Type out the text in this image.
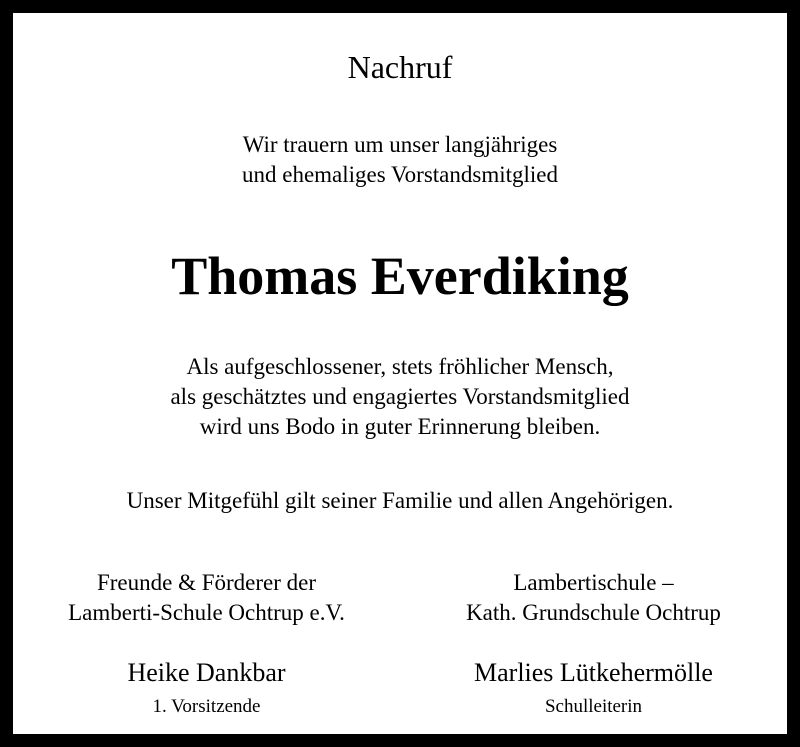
Nachruf
Wir trauern um unser langjähriges
und ehemaliges Vorstandsmitglied
Thomas Everdiking
Als aufgeschlossener, stets fröhlicher Mensch,
als geschätztes und engagiertes Vorstandsmitglied
wird uns Bodo in guter Erinnerung bleiben.
Unser Mitgefühl gilt seiner Familie und allen Angehörigen.
Freunde & Förderer der
Lamberti-Schule Ochtrup e.V.
Lambertischule –
Kath. Grundschule Ochtrup
Heike Dankbar	Marlies Lütkehermölle
1. Vorsitzende	Schulleiterin
